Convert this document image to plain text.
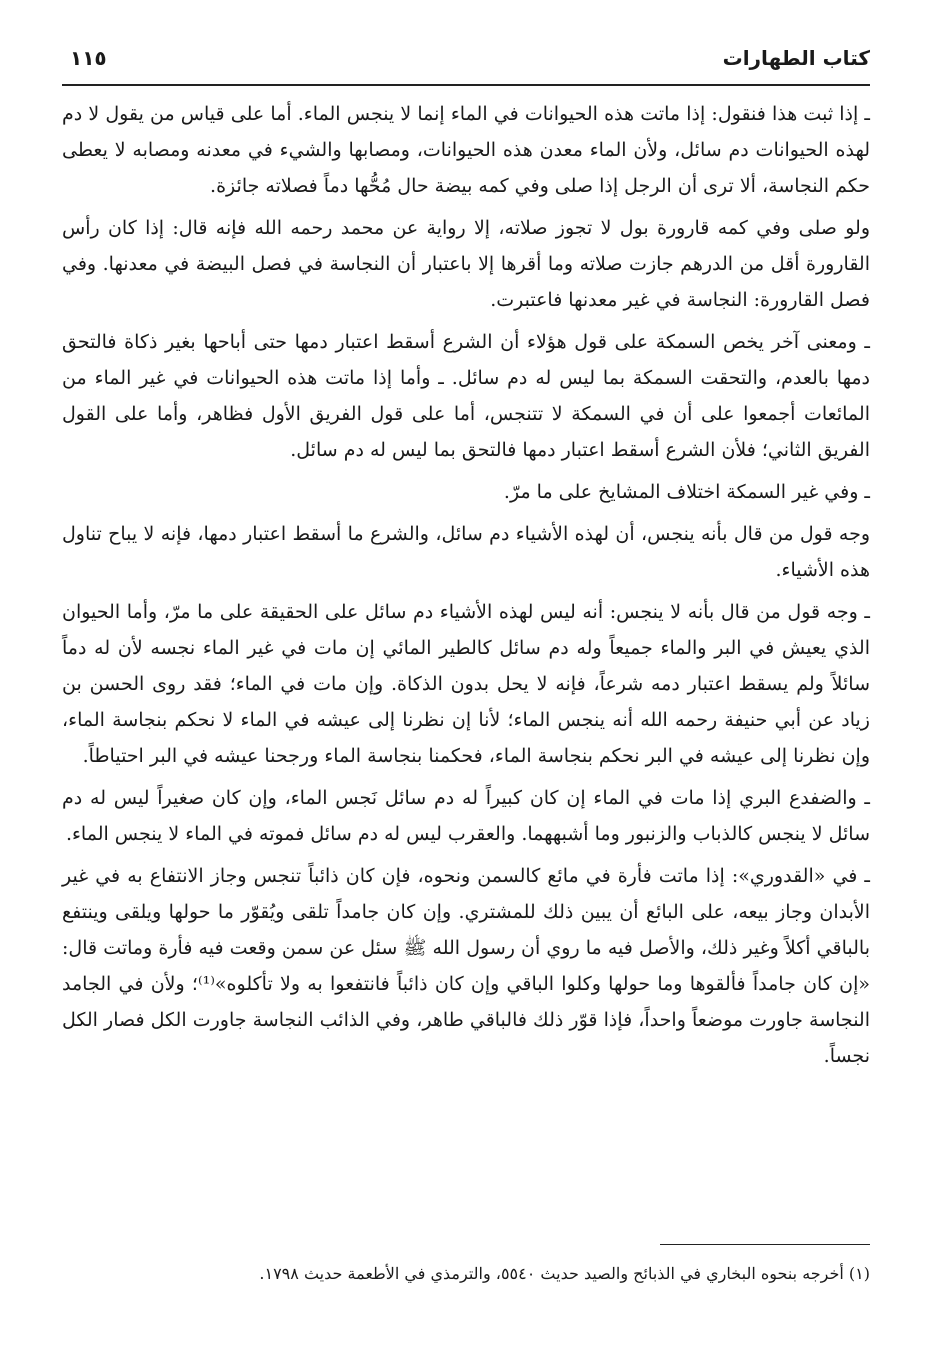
كتاب الطهارات
١١٥

ـ إذا ثبت هذا فنقول: إذا ماتت هذه الحيوانات في الماء إنما لا ينجس الماء. أما على قياس من يقول لا دم لهذه الحيوانات دم سائل، ولأن الماء معدن هذه الحيوانات، ومصابها والشيء في معدنه ومصابه لا يعطى حكم النجاسة، ألا ترى أن الرجل إذا صلى وفي كمه بيضة حال مُحُّها دماً فصلاته جائزة.

ولو صلى وفي كمه قارورة بول لا تجوز صلاته، إلا رواية عن محمد رحمه الله فإنه قال: إذا كان رأس القارورة أقل من الدرهم جازت صلاته وما أقرها إلا باعتبار أن النجاسة في فصل البيضة في معدنها. وفي فصل القارورة: النجاسة في غير معدنها فاعتبرت.

ـ ومعنى آخر يخص السمكة على قول هؤلاء أن الشرع أسقط اعتبار دمها حتى أباحها بغير ذكاة فالتحق دمها بالعدم، والتحقت السمكة بما ليس له دم سائل. ـ وأما إذا ماتت هذه الحيوانات في غير الماء من المائعات أجمعوا على أن في السمكة لا تتنجس، أما على قول الفريق الأول فظاهر، وأما على القول الفريق الثاني؛ فلأن الشرع أسقط اعتبار دمها فالتحق بما ليس له دم سائل.

ـ وفي غير السمكة اختلاف المشايخ على ما مرّ.

وجه قول من قال بأنه ينجس، أن لهذه الأشياء دم سائل، والشرع ما أسقط اعتبار دمها، فإنه لا يباح تناول هذه الأشياء.

ـ وجه قول من قال بأنه لا ينجس: أنه ليس لهذه الأشياء دم سائل على الحقيقة على ما مرّ، وأما الحيوان الذي يعيش في البر والماء جميعاً وله دم سائل كالطير المائي إن مات في غير الماء نجسه لأن له دماً سائلاً ولم يسقط اعتبار دمه شرعاً، فإنه لا يحل بدون الذكاة. وإن مات في الماء؛ فقد روى الحسن بن زياد عن أبي حنيفة رحمه الله أنه ينجس الماء؛ لأنا إن نظرنا إلى عيشه في الماء لا نحكم بنجاسة الماء، وإن نظرنا إلى عيشه في البر نحكم بنجاسة الماء، فحكمنا بنجاسة الماء ورجحنا عيشه في البر احتياطاً.

ـ والضفدع البري إذا مات في الماء إن كان كبيراً له دم سائل نَجس الماء، وإن كان صغيراً ليس له دم سائل لا ينجس كالذباب والزنبور وما أشبههما. والعقرب ليس له دم سائل فموته في الماء لا ينجس الماء.

ـ في «القدوري»: إذا ماتت فأرة في مائع كالسمن ونحوه، فإن كان ذائباً تنجس وجاز الانتفاع به في غير الأبدان وجاز بيعه، على البائع أن يبين ذلك للمشتري. وإن كان جامداً تلقى ويُقوّر ما حولها ويلقى وينتفع بالباقي أكلاً وغير ذلك، والأصل فيه ما روي أن رسول الله ﷺ سئل عن سمن وقعت فيه فأرة وماتت قال: «إن كان جامداً فألقوها وما حولها وكلوا الباقي وإن كان ذائباً فانتفعوا به ولا تأكلوه»⁽¹⁾؛ ولأن في الجامد النجاسة جاورت موضعاً واحداً، فإذا قوّر ذلك فالباقي طاهر، وفي الذائب النجاسة جاورت الكل فصار الكل نجساً.

(١) أخرجه بنحوه البخاري في الذبائح والصيد حديث ٥٥٤٠، والترمذي في الأطعمة حديث ١٧٩٨.
